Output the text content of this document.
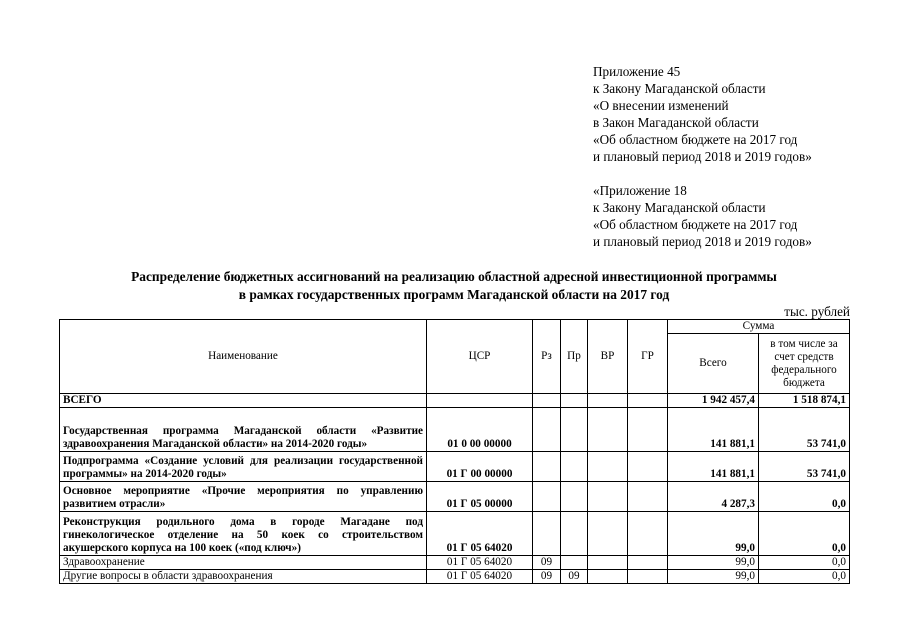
Приложение 45
к Закону Магаданской области
«О внесении изменений
в Закон Магаданской области
«Об областном бюджете на 2017 год
и плановый период 2018 и 2019 годов»
«Приложение 18
к Закону Магаданской области
«Об областном бюджете на 2017 год
и плановый период 2018 и 2019 годов»
Распределение бюджетных ассигнований на реализацию областной адресной инвестиционной программы
в рамках государственных программ Магаданской области на 2017 год
тыс. рублей
Наименование	ЦСР	Рз	Пр	ВР	ГР	Сумма	
						Всего	в том числе за счет средств федерального бюджета
ВСЕГО						1 942 457,4	1 518 874,1
Государственная программа Магаданской области «Развитие здравоохранения Магаданской области» на 2014-2020 годы»	01 0 00 00000					141 881,1	53 741,0
Подпрограмма «Создание условий для реализации государственной программы» на 2014-2020 годы»	01 Г 00 00000					141 881,1	53 741,0
Основное мероприятие «Прочие мероприятия по управлению развитием отрасли»	01 Г 05 00000					4 287,3	0,0
Реконструкция родильного дома в городе Магадане под гинекологическое отделение на 50 коек со строительством акушерского корпуса на 100 коек («под ключ»)	01 Г 05 64020					99,0	0,0
Здравоохранение	01 Г 05 64020	09				99,0	0,0
Другие вопросы в области здравоохранения	01 Г 05 64020	09	09			99,0	0,0
